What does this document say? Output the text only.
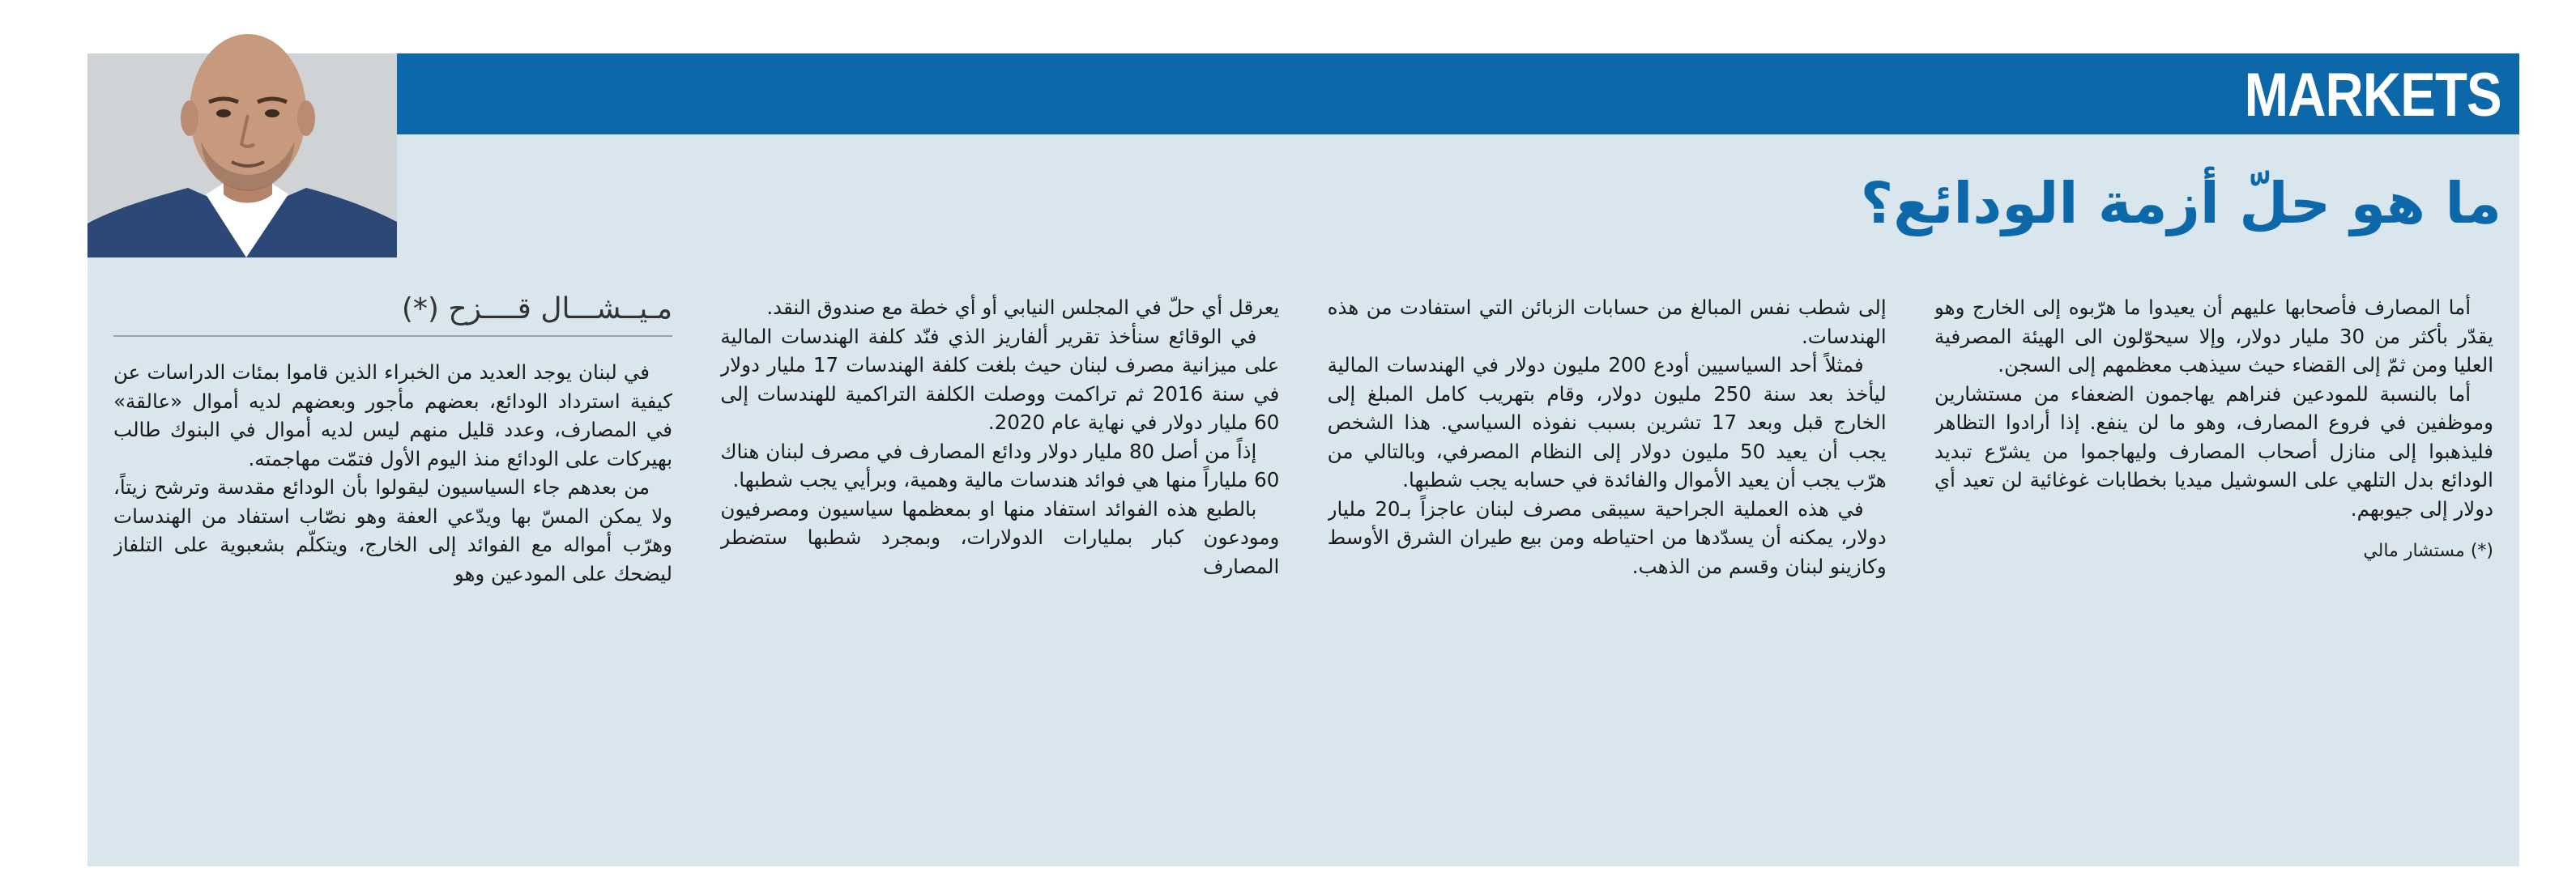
MARKETS
ما هو حلّ أزمة الودائع؟
مـيــشـــال قــــزح (*)

في لبنان يوجد العديد من الخبراء الذين قاموا بمئات الدراسات عن كيفية استرداد الودائع، بعضهم مأجور وبعضهم لديه أموال «عالقة» في المصارف، وعدد قليل منهم ليس لديه أموال في البنوك طالب بهيركات على الودائع منذ اليوم الأول فتمّت مهاجمته.

من بعدهم جاء السياسيون ليقولوا بأن الودائع مقدسة وترشح زيتاً، ولا يمكن المسّ بها ويدّعي العفة وهو نصّاب استفاد من الهندسات وهرّب أمواله مع الفوائد إلى الخارج، ويتكلّم بشعبوية على التلفاز ليضحك على المودعين وهو

يعرقل أي حلّ في المجلس النيابي أو أي خطة مع صندوق النقد.

في الوقائع سنأخذ تقرير ألفاريز الذي فنّد كلفة الهندسات المالية على ميزانية مصرف لبنان حيث بلغت كلفة الهندسات 17 مليار دولار في سنة 2016 ثم تراكمت ووصلت الكلفة التراكمية للهندسات إلى 60 مليار دولار في نهاية عام 2020.

إذاً من أصل 80 مليار دولار ودائع المصارف في مصرف لبنان هناك 60 ملياراً منها هي فوائد هندسات مالية وهمية، وبرأيي يجب شطبها.

بالطبع هذه الفوائد استفاد منها او بمعظمها سياسيون ومصرفيون ومودعون كبار بمليارات الدولارات، وبمجرد شطبها ستضطر المصارف

إلى شطب نفس المبالغ من حسابات الزبائن التي استفادت من هذه الهندسات.

فمثلاً أحد السياسيين أودع 200 مليون دولار في الهندسات المالية ليأخذ بعد سنة 250 مليون دولار، وقام بتهريب كامل المبلغ إلى الخارج قبل وبعد 17 تشرين بسبب نفوذه السياسي. هذا الشخص يجب أن يعيد 50 مليون دولار إلى النظام المصرفي، وبالتالي من هرّب يجب أن يعيد الأموال والفائدة في حسابه يجب شطبها.

في هذه العملية الجراحية سيبقى مصرف لبنان عاجزاً بـ20 مليار دولار، يمكنه أن يسدّدها من احتياطه ومن بيع طيران الشرق الأوسط وكازينو لبنان وقسم من الذهب.

أما المصارف فأصحابها عليهم أن يعيدوا ما هرّبوه إلى الخارج وهو يقدّر بأكثر من 30 مليار دولار، وإلا سيحوّلون الى الهيئة المصرفية العليا ومن ثمّ إلى القضاء حيث سيذهب معظمهم إلى السجن.

أما بالنسبة للمودعين فنراهم يهاجمون الضعفاء من مستشارين وموظفين في فروع المصارف، وهو ما لن ينفع. إذا أرادوا التظاهر فليذهبوا إلى منازل أصحاب المصارف وليهاجموا من يشرّع تبديد الودائع بدل التلهي على السوشيل ميديا بخطابات غوغائية لن تعيد أي دولار إلى جيوبهم.

(*) مستشار مالي
